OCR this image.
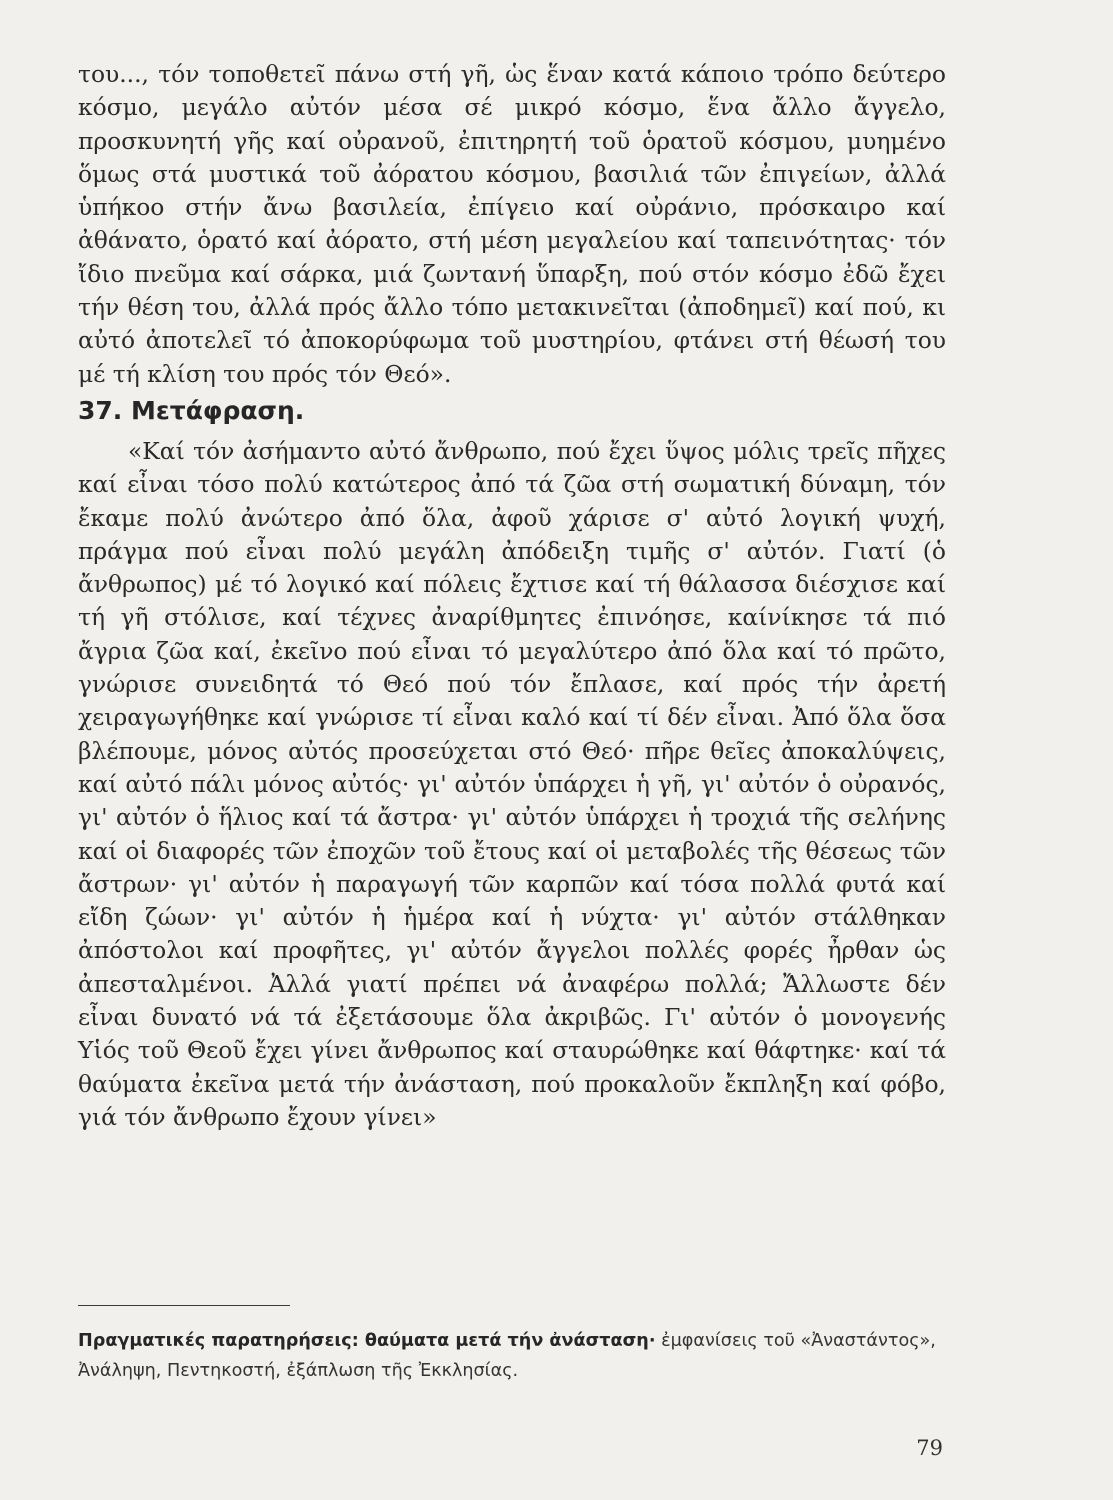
του..., τόν τοποθετεῖ πάνω στή γῆ, ὡς ἕναν κατά κάποιο τρόπο δεύτερο κόσμο, μεγάλο αὐτόν μέσα σέ μικρό κόσμο, ἕνα ἄλλο ἄγγελο, προσκυνητή γῆς καί οὐρανοῦ, ἐπιτηρητή τοῦ ὁρατοῦ κόσμου, μυημένο ὅμως στά μυστικά τοῦ ἀόρατου κόσμου, βασιλιά τῶν ἐπιγείων, ἀλλά ὑπήκοο στήν ἄνω βασιλεία, ἐπίγειο καί οὐράνιο, πρόσκαιρο καί ἀθάνατο, ὁρατό καί ἀόρατο, στή μέση μεγαλείου καί ταπεινότητας· τόν ἴδιο πνεῦμα καί σάρκα, μιά ζωντανή ὕπαρξη, πού στόν κόσμο ἐδῶ ἔχει τήν θέση του, ἀλλά πρός ἄλλο τόπο μετακινεῖται (ἀποδημεῖ) καί πού, κι αὐτό ἀποτελεῖ τό ἀποκορύφωμα τοῦ μυστηρίου, φτάνει στή θέωσή του μέ τή κλίση του πρός τόν Θεό».

37. Μετάφραση.

«Καί τόν ἀσήμαντο αὐτό ἄνθρωπο, πού ἔχει ὕψος μόλις τρεῖς πῆχες καί εἶναι τόσο πολύ κατώτερος ἀπό τά ζῶα στή σωματική δύναμη, τόν ἔκαμε πολύ ἀνώτερο ἀπό ὅλα, ἀφοῦ χάρισε σ' αὐτό λογική ψυχή, πράγμα πού εἶναι πολύ μεγάλη ἀπόδειξη τιμῆς σ' αὐτόν. Γιατί (ὁ ἄνθρωπος) μέ τό λογικό καί πόλεις ἔχτισε καί τή θάλασσα διέσχισε καί τή γῆ στόλισε, καί τέχνες ἀναρίθμητες ἐπινόησε, καίνίκησε τά πιό ἄγρια ζῶα καί, ἐκεῖνο πού εἶναι τό μεγαλύτερο ἀπό ὅλα καί τό πρῶτο, γνώρισε συνειδητά τό Θεό πού τόν ἔπλασε, καί πρός τήν ἀρετή χειραγωγήθηκε καί γνώρισε τί εἶναι καλό καί τί δέν εἶναι. Ἀπό ὅλα ὅσα βλέπουμε, μόνος αὐτός προσεύχεται στό Θεό· πῆρε θεῖες ἀποκαλύψεις, καί αὐτό πάλι μόνος αὐτός· γι' αὐτόν ὑπάρχει ἡ γῆ, γι' αὐτόν ὁ οὐρανός, γι' αὐτόν ὁ ἥλιος καί τά ἄστρα· γι' αὐτόν ὑπάρχει ἡ τροχιά τῆς σελήνης καί οἱ διαφορές τῶν ἐποχῶν τοῦ ἔτους καί οἱ μεταβολές τῆς θέσεως τῶν ἄστρων· γι' αὐτόν ἡ παραγωγή τῶν καρπῶν καί τόσα πολλά φυτά καί εἴδη ζώων· γι' αὐτόν ἡ ἡμέρα καί ἡ νύχτα· γι' αὐτόν στάλθηκαν ἀπόστολοι καί προφῆτες, γι' αὐτόν ἄγγελοι πολλές φορές ἦρθαν ὡς ἀπεσταλμένοι. Ἀλλά γιατί πρέπει νά ἀναφέρω πολλά; Ἄλλωστε δέν εἶναι δυνατό νά τά ἐξετάσουμε ὅλα ἀκριβῶς. Γι' αὐτόν ὁ μονογενής Υἱός τοῦ Θεοῦ ἔχει γίνει ἄνθρωπος καί σταυρώθηκε καί θάφτηκε· καί τά θαύματα ἐκεῖνα μετά τήν ἀνάσταση, πού προκαλοῦν ἔκπληξη καί φόβο, γιά τόν ἄνθρωπο ἔχουν γίνει»

Πραγματικές παρατηρήσεις: θαύματα μετά τήν ἀνάσταση· ἐμφανίσεις τοῦ «Ἀναστάντος», Ἀνάληψη, Πεντηκοστή, ἐξάπλωση τῆς Ἐκκλησίας.
79
